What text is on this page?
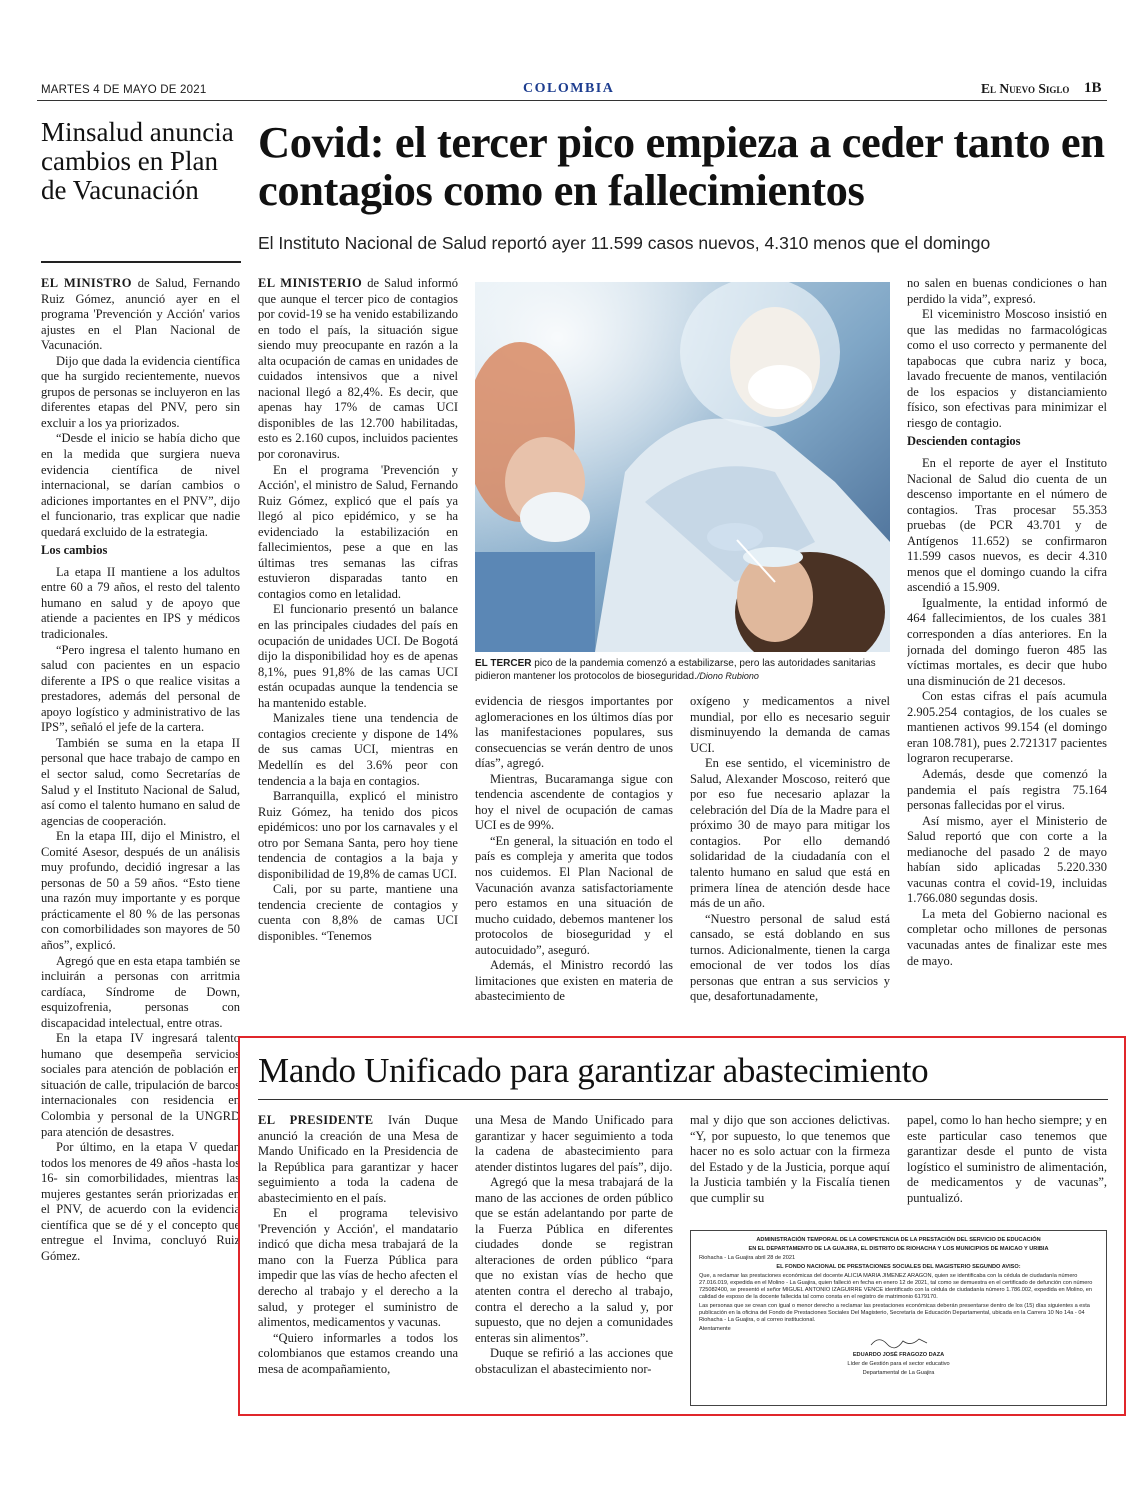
MARTES 4 DE MAYO DE 2021	COLOMBIA	El Nuevo Siglo 1B
Minsalud anuncia cambios en Plan de Vacunación

EL MINISTRO de Salud, Fernando Ruiz Gómez, anunció ayer en el programa 'Prevención y Acción' varios ajustes en el Plan Nacional de Vacunación.

Dijo que dada la evidencia científica que ha surgido recientemente, nuevos grupos de personas se incluyeron en las diferentes etapas del PNV, pero sin excluir a los ya priorizados.

“Desde el inicio se había dicho que en la medida que surgiera nueva evidencia científica de nivel internacional, se darían cambios o adiciones importantes en el PNV”, dijo el funcionario, tras explicar que nadie quedará excluido de la estrategia.

Los cambios

La etapa II mantiene a los adultos entre 60 a 79 años, el resto del talento humano en salud y de apoyo que atiende a pacientes en IPS y médicos tradicionales.

“Pero ingresa el talento humano en salud con pacientes en un espacio diferente a IPS o que realice visitas a prestadores, además del personal de apoyo logístico y administrativo de las IPS”, señaló el jefe de la cartera.

También se suma en la etapa II personal que hace trabajo de campo en el sector salud, como Secretarías de Salud y el Instituto Nacional de Salud, así como el talento humano en salud de agencias de cooperación.

En la etapa III, dijo el Ministro, el Comité Asesor, después de un análisis muy profundo, decidió ingresar a las personas de 50 a 59 años. “Esto tiene una razón muy importante y es porque prácticamente el 80 % de las personas con comorbilidades son mayores de 50 años”, explicó.

Agregó que en esta etapa también se incluirán a personas con arritmia cardíaca, Síndrome de Down, esquizofrenia, personas con discapacidad intelectual, entre otras.

En la etapa IV ingresará talento humano que desempeña servicios sociales para atención de población en situación de calle, tripulación de barcos internacionales con residencia en Colombia y personal de la UNGRD para atención de desastres.

Por último, en la etapa V quedan todos los menores de 49 años -hasta los 16- sin comorbilidades, mientras las mujeres gestantes serán priorizadas en el PNV, de acuerdo con la evidencia científica que se dé y el concepto que entregue el Invima, concluyó Ruiz Gómez.

Covid: el tercer pico empieza a ceder tanto en contagios como en fallecimientos
El Instituto Nacional de Salud reportó ayer 11.599 casos nuevos, 4.310 menos que el domingo

EL MINISTERIO de Salud informó que aunque el tercer pico de contagios por covid-19 se ha venido estabilizando en todo el país, la situación sigue siendo muy preocupante en razón a la alta ocupación de camas en unidades de cuidados intensivos que a nivel nacional llegó a 82,4%. Es decir, que apenas hay 17% de camas UCI disponibles de las 12.700 habilitadas, esto es 2.160 cupos, incluidos pacientes por coronavirus.

En el programa 'Prevención y Acción', el ministro de Salud, Fernando Ruiz Gómez, explicó que el país ya llegó al pico epidémico, y se ha evidenciado la estabilización en fallecimientos, pese a que en las últimas tres semanas las cifras estuvieron disparadas tanto en contagios como en letalidad.

El funcionario presentó un balance en las principales ciudades del país en ocupación de unidades UCI. De Bogotá dijo la disponibilidad hoy es de apenas 8,1%, pues 91,8% de las camas UCI están ocupadas aunque la tendencia se ha mantenido estable.

Manizales tiene una tendencia de contagios creciente y dispone de 14% de sus camas UCI, mientras en Medellín es del 3.6% peor con tendencia a la baja en contagios.

Barranquilla, explicó el ministro Ruiz Gómez, ha tenido dos picos epidémicos: uno por los carnavales y el otro por Semana Santa, pero hoy tiene tendencia de contagios a la baja y disponibilidad de 19,8% de camas UCI.

Cali, por su parte, mantiene una tendencia creciente de contagios y cuenta con 8,8% de camas UCI disponibles. “Tenemos

EL TERCER pico de la pandemia comenzó a estabilizarse, pero las autoridades sanitarias pidieron mantener los protocolos de bioseguridad./Diono Rubiono

evidencia de riesgos importantes por aglomeraciones en los últimos días por las manifestaciones populares, sus consecuencias se verán dentro de unos días”, agregó.

Mientras, Bucaramanga sigue con tendencia ascendente de contagios y hoy el nivel de ocupación de camas UCI es de 99%.

“En general, la situación en todo el país es compleja y amerita que todos nos cuidemos. El Plan Nacional de Vacunación avanza satisfactoriamente pero estamos en una situación de mucho cuidado, debemos mantener los protocolos de bioseguridad y el autocuidado”, aseguró.

Además, el Ministro recordó las limitaciones que existen en materia de abastecimiento de

oxígeno y medicamentos a nivel mundial, por ello es necesario seguir disminuyendo la demanda de camas UCI.

En ese sentido, el viceministro de Salud, Alexander Moscoso, reiteró que por eso fue necesario aplazar la celebración del Día de la Madre para el próximo 30 de mayo para mitigar los contagios. Por ello demandó solidaridad de la ciudadanía con el talento humano en salud que está en primera línea de atención desde hace más de un año.

“Nuestro personal de salud está cansado, se está doblando en sus turnos. Adicionalmente, tienen la carga emocional de ver todos los días personas que entran a sus servicios y que, desafortunadamente,

no salen en buenas condiciones o han perdido la vida”, expresó.

El viceministro Moscoso insistió en que las medidas no farmacológicas como el uso correcto y permanente del tapabocas que cubra nariz y boca, lavado frecuente de manos, ventilación de los espacios y distanciamiento físico, son efectivas para minimizar el riesgo de contagio.

Descienden contagios

En el reporte de ayer el Instituto Nacional de Salud dio cuenta de un descenso importante en el número de contagios. Tras procesar 55.353 pruebas (de PCR 43.701 y de Antígenos 11.652) se confirmaron 11.599 casos nuevos, es decir 4.310 menos que el domingo cuando la cifra ascendió a 15.909.

Igualmente, la entidad informó de 464 fallecimientos, de los cuales 381 corresponden a días anteriores. En la jornada del domingo fueron 485 las víctimas mortales, es decir que hubo una disminución de 21 decesos.

Con estas cifras el país acumula 2.905.254 contagios, de los cuales se mantienen activos 99.154 (el domingo eran 108.781), pues 2.721317 pacientes lograron recuperarse.

Además, desde que comenzó la pandemia el país registra 75.164 personas fallecidas por el virus.

Así mismo, ayer el Ministerio de Salud reportó que con corte a la medianoche del pasado 2 de mayo habían sido aplicadas 5.220.330 vacunas contra el covid-19, incluidas 1.766.080 segundas dosis.

La meta del Gobierno nacional es completar ocho millones de personas vacunadas antes de finalizar este mes de mayo.

Mando Unificado para garantizar abastecimiento

EL PRESIDENTE Iván Duque anunció la creación de una Mesa de Mando Unificado en la Presidencia de la República para garantizar y hacer seguimiento a toda la cadena de abastecimiento en el país.

En el programa televisivo 'Prevención y Acción', el mandatario indicó que dicha mesa trabajará de la mano con la Fuerza Pública para impedir que las vías de hecho afecten el derecho al trabajo y el derecho a la salud, y proteger el suministro de alimentos, medicamentos y vacunas.

“Quiero informarles a todos los colombianos que estamos creando una mesa de acompañamiento,

una Mesa de Mando Unificado para garantizar y hacer seguimiento a toda la cadena de abastecimiento para atender distintos lugares del país”, dijo.

Agregó que la mesa trabajará de la mano de las acciones de orden público que se están adelantando por parte de la Fuerza Pública en diferentes ciudades donde se registran alteraciones de orden público “para que no existan vías de hecho que atenten contra el derecho al trabajo, contra el derecho a la salud y, por supuesto, que no dejen a comunidades enteras sin alimentos”.

Duque se refirió a las acciones que obstaculizan el abastecimiento nor-

mal y dijo que son acciones delictivas. “Y, por supuesto, lo que tenemos que hacer no es solo actuar con la firmeza del Estado y de la Justicia, porque aquí la Justicia también y la Fiscalía tienen que cumplir su

papel, como lo han hecho siempre; y en este particular caso tenemos que garantizar desde el punto de vista logístico el suministro de alimentación, de medicamentos y de vacunas”, puntualizó.

ADMINISTRACIÓN TEMPORAL DE LA COMPETENCIA DE LA PRESTACIÓN DEL SERVICIO DE EDUCACIÓN

EN EL DEPARTAMENTO DE LA GUAJIRA, EL DISTRITO DE RIOHACHA Y LOS MUNICIPIOS DE MAICAO Y URIBIA

Riohacha - La Guajira abril 28 de 2021

EL FONDO NACIONAL DE PRESTACIONES SOCIALES DEL MAGISTERIO SEGUNDO AVISO:

Que, a reclamar las prestaciones económicas del docente ALICIA MARIA JIMENEZ ARAGON, quien se identificaba con la cédula de ciudadanía número 27.016.019, expedida en el Molino - La Guajira, quien falleció en fecha en enero 12 de 2021, tal como se demuestra en el certificado de defunción con número 725082400, se presentó el señor MIGUEL ANTONIO IZAGUIRRE VENCE identificado con la cédula de ciudadanía número 1.786.002, expedida en Molino, en calidad de esposo de la docente fallecida tal como consta en el registro de matrimonio 6179170.

Las personas que se crean con igual o menor derecho a reclamar las prestaciones económicas deberán presentarse dentro de los (15) días siguientes a esta publicación en la oficina del Fondo de Prestaciones Sociales Del Magisterio, Secretaría de Educación Departamental, ubicada en la Carrera 10 No 14a - 04 Riohacha - La Guajira, o al correo institucional.

Atentamente

EDUARDO JOSÉ FRAGOZO DAZA

Líder de Gestión para el sector educativo

Departamental de La Guajira
